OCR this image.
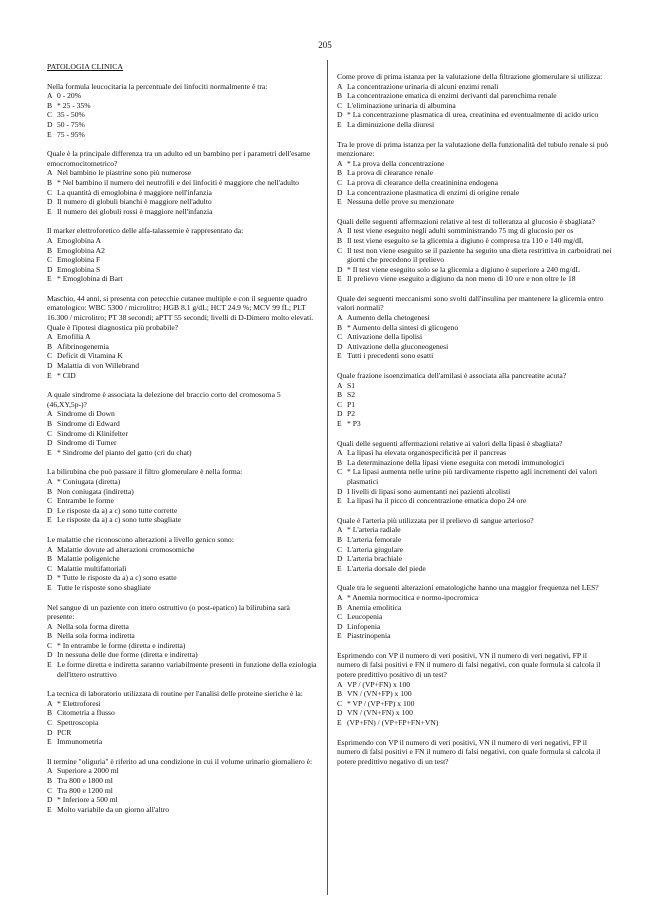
205
PATOLOGIA CLINICA
Nella formula leucocitaria la percentuale dei linfociti normalmente è tra:
A 0 - 20%
B * 25 - 35%
C 35 - 50%
D 50 - 75%
E 75 - 95%
Quale è la principale differenza tra un adulto ed un bambino per i parametri dell'esame emocromocitometrico?
A Nel bambino le piastrine sono più numerose
B * Nel bambino il numero dei neutrofili e dei linfociti è maggiore che nell'adulto
C La quantità di emoglobina è maggiore nell'infanzia
D Il numero di globuli bianchi è maggiore nell'adulto
E Il numero dei globuli rossi è maggiore nell'infanzia
Il marker elettroforetico delle alfa-talassemie è rappresentato da:
A Emoglobina A
B Emoglobina A2
C Emoglobina F
D Emoglobina S
E * Emoglobina di Bart
Maschio, 44 anni, si presenta con petecchie cutanee multiple e con il seguente quadro ematologico: WBC 5300 / microlitro; HGB 8.1 g/dL; HCT 24.9 %; MCV 99 fL; PLT 16.300 / microlitro; PT 38 secondi; aPTT 55 secondi; livelli di D-Dimero molto elevati. Quale è l'ipotesi diagnostica più probabile?
A Emofilia A
B Afibrinogenemia
C Deficit di Vitamina K
D Malattia di von Willebrand
E * CID
A quale sindrome è associata la delezione del braccio corto del cromosoma 5 (46,XY,5p-)?
A Sindrome di Down
B Sindrome di Edward
C Sindrome di Klinifelter
D Sindrome di Turner
E * Sindrome del pianto del gatto (cri du chat)
La bilirubina che può passare il filtro glomerulare è nella forma:
A * Coniugata (diretta)
B Non coniugata (indiretta)
C Entrambe le forme
D Le risposte da a) a c) sono tutte corrette
E Le risposte da a) a c) sono tutte sbagliate
Le malattie che riconoscono alterazioni a livello genico sono:
A Malattie dovute ad alterazioni cromosomiche
B Malattie poligeniche
C Malattie multifattoriali
D * Tutte le risposte da a) a c) sono esatte
E Tutte le risposte sono sbagliate
Nel sangue di un paziente con ittero ostruttivo (o post-epatico) la bilirubina sarà presente:
A Nella sola forma diretta
B Nella sola forma indiretta
C * In entrambe le forme (diretta e indiretta)
D In nessuna delle due forme (diretta e indiretta)
E Le forme diretta e indiretta saranno variabilmente presenti in funzione della eziologia dell'ittero ostruttivo
La tecnica di laboratorio utilizzata di routine per l'analisi delle proteine sieriche è la:
A * Elettroforesi
B Citometria a flusso
C Spettroscopia
D PCR
E Immunometria
Il termine "oliguria" è riferito ad una condizione in cui il volume urinario giornaliero è:
A Superiore a 2000 ml
B Tra 800 e 1800 ml
C Tra 800 e 1200 ml
D * Inferiore a 500 ml
E Molto variabile da un giorno all'altro
Come prove di prima istanza per la valutazione della filtrazione glomerulare si utilizza:
A La concentrazione urinaria di alcuni enzimi renali
B La concentrazione ematica di enzimi derivanti dal parenchima renale
C L'eliminazione urinaria di albumina
D * La concentrazione plasmatica di urea, creatinina ed eventualmente di acido urico
E La diminuzione della diuresi
Tra le prove di prima istanza per la valutazione della funzionalità del tubulo renale si può menzionare:
A * La prova della concentrazione
B La prova di clearance renale
C La prova di clearance della creatininina endogena
D La concentrazione plasmatica di enzimi di origine renale
E Nessuna delle prove su menzionate
Quali delle seguenti affermazioni relative al test di tolleranza al glucosio è sbagliata?
A Il test viene eseguito negli adulti somministrando 75 mg di glucosio per os
B Il test viene eseguito se la glicemia a digiuno è compresa tra 110 e 140 mg/dL
C Il test non viene eseguito se il paziente ha seguito una dieta restrittiva in carboidrati nei giorni che precedono il prelievo
D * Il test viene eseguito solo se la glicemia a digiuno è superiore a 240 mg/dL
E Il prelievo viene eseguito a digiuno da non meno di 10 ore e non oltre le 18
Quale dei seguenti meccanismi sono svolti dall'insulina per mantenere la glicemia entro valori normali?
A Aumento della chetogenesi
B * Aumento della sintesi di glicogeno
C Attivazione della lipolisi
D Attivazione della gluconeogenesi
E Tutti i precedenti sono esatti
Quale frazione isoenzimatica dell'amilasi è associata alla pancreatite acuta?
A S1
B S2
C P1
D P2
E * P3
Quali delle seguenti affermazioni relative ai valori della lipasi è sbagliata?
A La lipasi ha elevata organospecificità per il pancreas
B La determinazione della lipasi viene eseguita con metodi immunologici
C * La lipasi aumenta nelle urine più tardivamente rispetto agli incrementi dei valori plasmatici
D I livelli di lipasi sono aumentanti nei pazienti alcolisti
E La lipasi ha il picco di concentrazione ematica dopo 24 ore
Quale è l'arteria più utilizzata per il prelievo di sangue arterioso?
A * L'arteria radiale
B L'arteria femorale
C L'arteria giugulare
D L'arteria brachiale
E L'arteria dorsale del piede
Quale tra le seguenti alterazioni ematologiche hanno una maggior frequenza nel LES?
A * Anemia normocitica e normo-ipocromica
B Anemia emolitica
C Leucopenia
D Linfopenia
E Piastrinopenia
Esprimendo con VP il numero di veri positivi, VN il numero di veri negativi, FP il numero di falsi positivi e FN il numero di falsi negativi, con quale formula si calcola il potere predittivo positivo di un test?
A VP / (VP+FN) x 100
B VN / (VN+FP) x 100
C * VP / (VP+FP) x 100
D VN / (VN+FN) x 100
E (VP+FN) / (VP+FP+FN+VN)
Esprimendo con VP il numero di veri positivi, VN il numero di veri negativi, FP il numero di falsi positivi e FN il numero di falsi negativi, con quale formula si calcola il potere predittivo negativo di un test?
